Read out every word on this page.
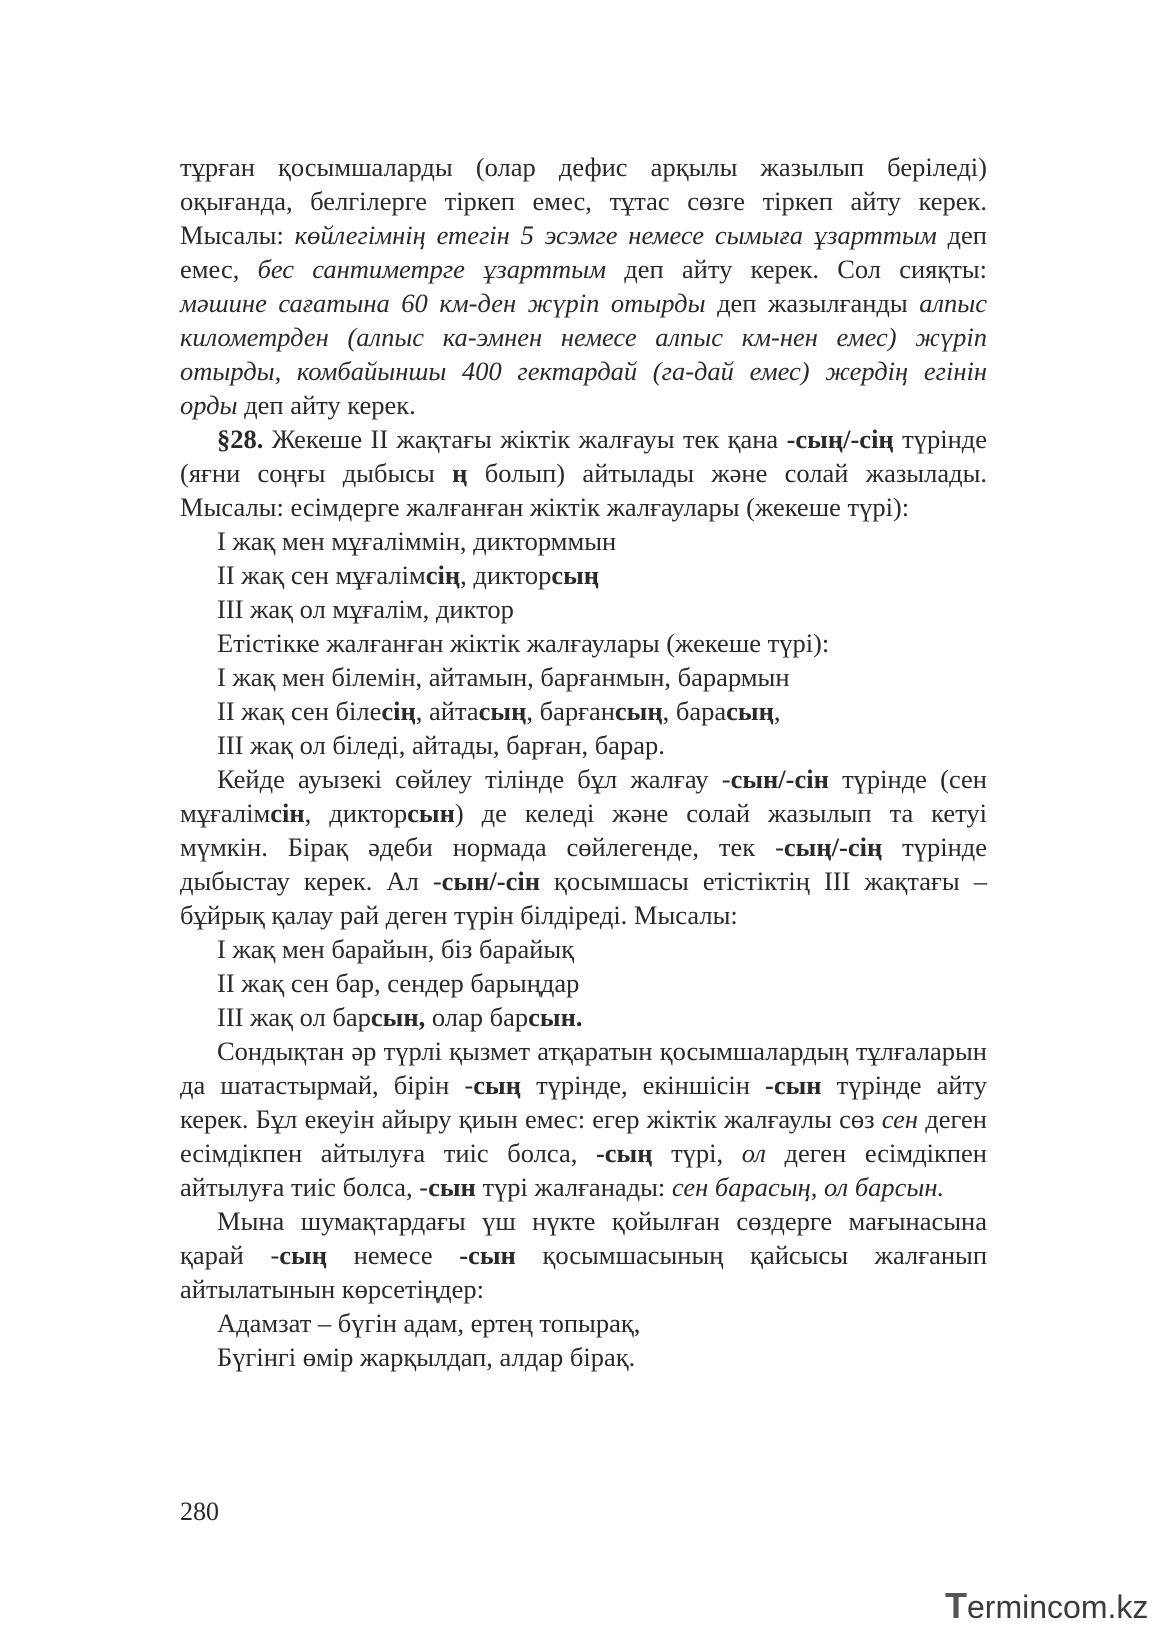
тұрған қосымшаларды (олар дефис арқылы жазылып беріледі) оқығанда, белгілерге тіркеп емес, тұтас сөзге тіркеп айту керек. Мысалы: көйлегімнің етегін 5 эсэмге немесе сымыға ұзарттым деп емес, бес сантиметрге ұзарттым деп айту керек. Сол сияқты: мәшине сағатына 60 км-ден жүріп отырды деп жазылғанды алпыс километрден (алпыс ка-эмнен немесе алпыс км-нен емес) жүріп отырды, комбайыншы 400 гектардай (га-дай емес) жердің егінін орды деп айту керек.

§28. Жекеше ІІ жақтағы жіктік жалғауы тек қана -сың/-сің түрінде (яғни соңғы дыбысы ң болып) айтылады және солай жазылады. Мысалы: есімдерге жалғанған жіктік жалғаулары (жекеше түрі):

І жақ мен мұғаліммін, дикторммын

ІІ жақ сен мұғалімсің, дикторсың

ІІІ жақ ол мұғалім, диктор

Етістікке жалғанған жіктік жалғаулары (жекеше түрі):

І жақ мен білемін, айтамын, барғанмын, барармын

ІІ жақ сен білесің, айтасың, барғансың, барасың,

ІІІ жақ ол біледі, айтады, барған, барар.

Кейде ауызекі сөйлеу тілінде бұл жалғау -сын/-сін түрінде (сен мұғалімсін, дикторсын) де келеді және солай жазылып та кетуі мүмкін. Бірақ әдеби нормада сөйлегенде, тек -сың/-сің түрінде дыбыстау керек. Ал -сын/-сін қосымшасы етістіктің ІІІ жақтағы – бұйрық қалау рай деген түрін білдіреді. Мысалы:

І жақ мен барайын, біз барайық

ІІ жақ сен бар, сендер барыңдар

ІІІ жақ ол барсын, олар барсын.

Сондықтан әр түрлі қызмет атқаратын қосымшалардың тұлғаларын да шатастырмай, бірін -сың түрінде, екіншісін -сын түрінде айту керек. Бұл екеуін айыру қиын емес: егер жіктік жалғаулы сөз сен деген есімдікпен айтылуға тиіс болса, -сың түрі, ол деген есімдікпен айтылуға тиіс болса, -сын түрі жалғанады: сен барасың, ол барсын.

Мына шумақтардағы үш нүкте қойылған сөздерге мағынасына қарай -сың немесе -сын қосымшасының қайсысы жалғанып айтылатынын көрсетіңдер:

Адамзат – бүгін адам, ертең топырақ,

Бүгінгі өмір жарқылдап, алдар бірақ.

280
Termincom.kz
